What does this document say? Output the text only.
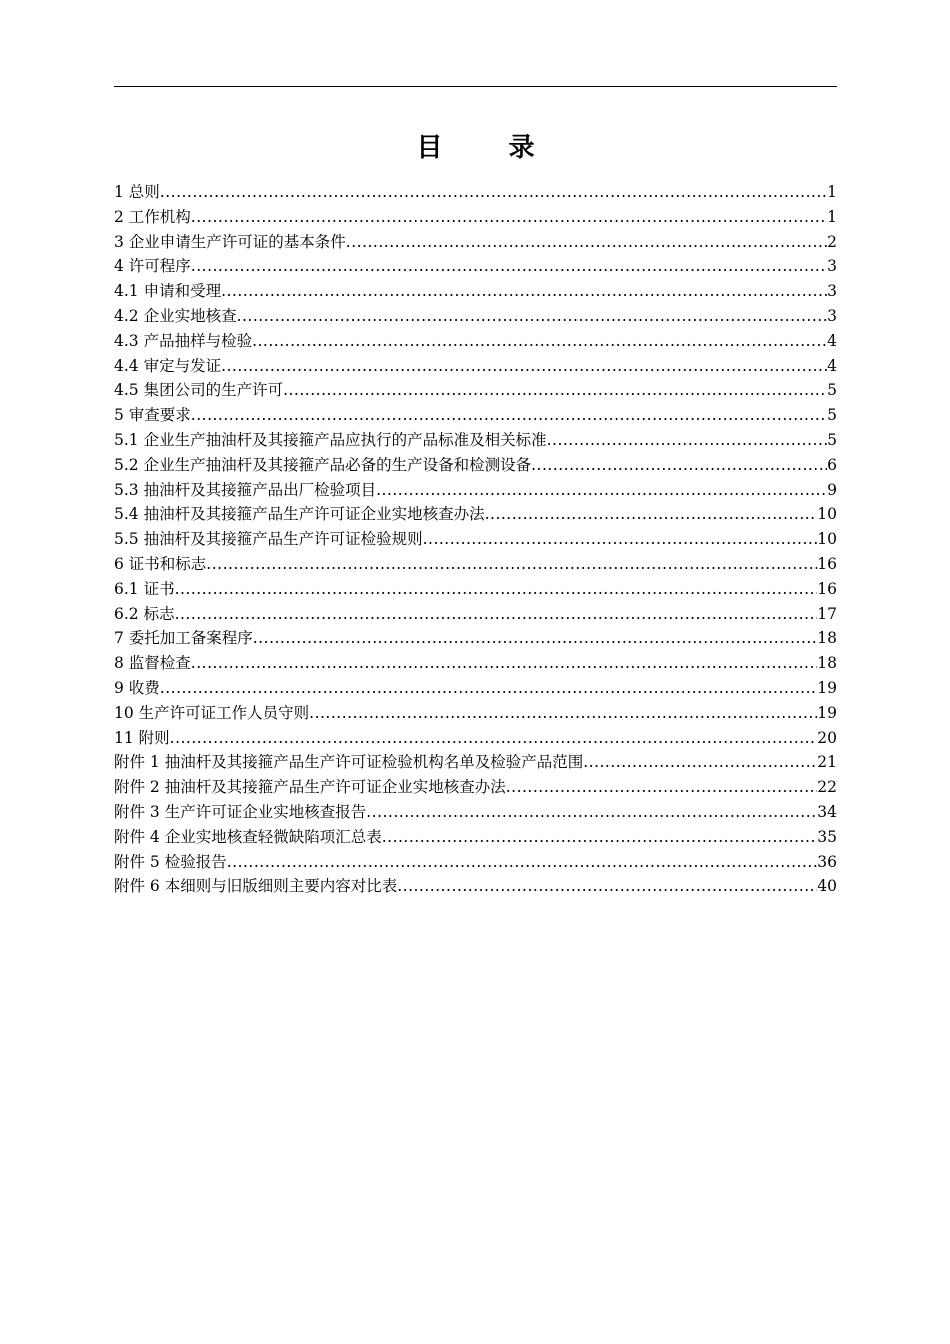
目　录
1 总则 .....	1
2 工作机构 .....	1
3 企业申请生产许可证的基本条件 .....	2
4 许可程序 .....	3
4.1 申请和受理 .....	3
4.2 企业实地核查 .....	3
4.3 产品抽样与检验 .....	4
4.4 审定与发证 .....	4
4.5 集团公司的生产许可 .....	5
5 审查要求 .....	5
5.1 企业生产抽油杆及其接箍产品应执行的产品标准及相关标准 .....	5
5.2 企业生产抽油杆及其接箍产品必备的生产设备和检测设备 .....	6
5.3 抽油杆及其接箍产品出厂检验项目 .....	9
5.4 抽油杆及其接箍产品生产许可证企业实地核查办法 .....	10
5.5 抽油杆及其接箍产品生产许可证检验规则 .....	10
6 证书和标志 .....	16
6.1 证书 .....	16
6.2 标志 .....	17
7 委托加工备案程序 .....	18
8 监督检查 .....	18
9 收费 .....	19
10 生产许可证工作人员守则 .....	19
11 附则 .....	20
附件 1 抽油杆及其接箍产品生产许可证检验机构名单及检验产品范围 .....	21
附件 2 抽油杆及其接箍产品生产许可证企业实地核查办法 .....	22
附件 3 生产许可证企业实地核查报告 .....	34
附件 4 企业实地核查轻微缺陷项汇总表 .....	35
附件 5 检验报告 .....	36
附件 6 本细则与旧版细则主要内容对比表 .....	40
